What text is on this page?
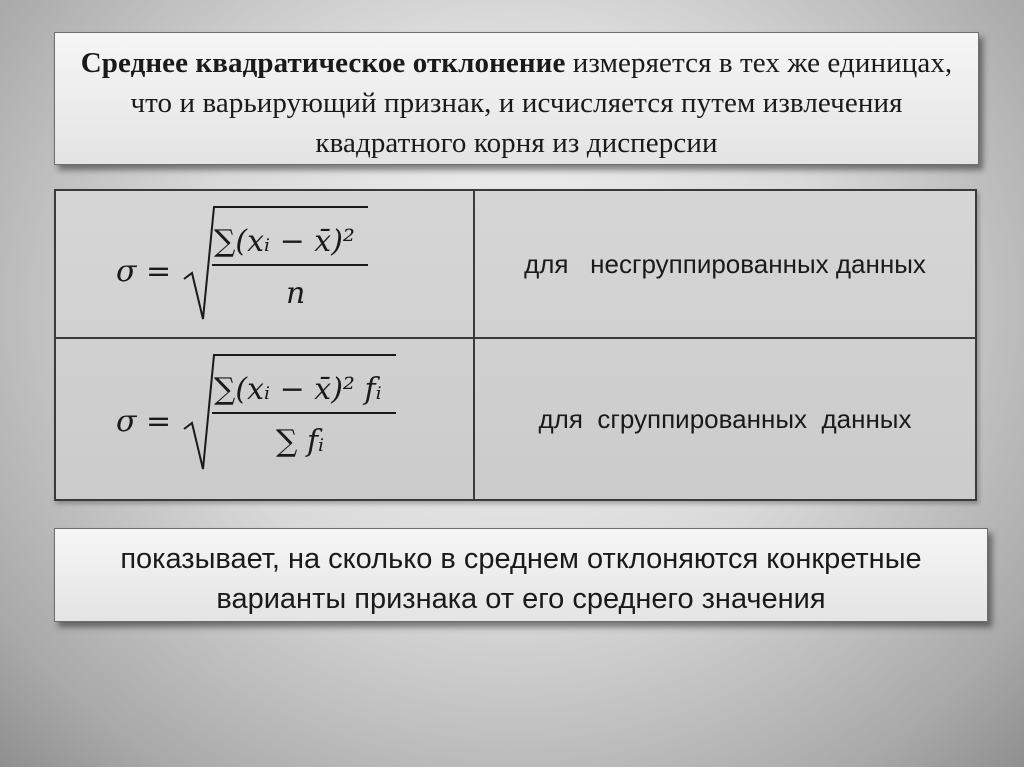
Среднее квадратическое отклонение измеряется в тех же единицах, что и варьирующий признак, и исчисляется путем извлечения квадратного корня из дисперсии
σ =
∑(xᵢ − x̄)²
n	для   несгруппированных данных

σ =
∑(xᵢ − x̄)² fᵢ
∑ fᵢ	для  сгруппированных  данных
показывает, на сколько в среднем отклоняются конкретные варианты признака от его среднего значения
